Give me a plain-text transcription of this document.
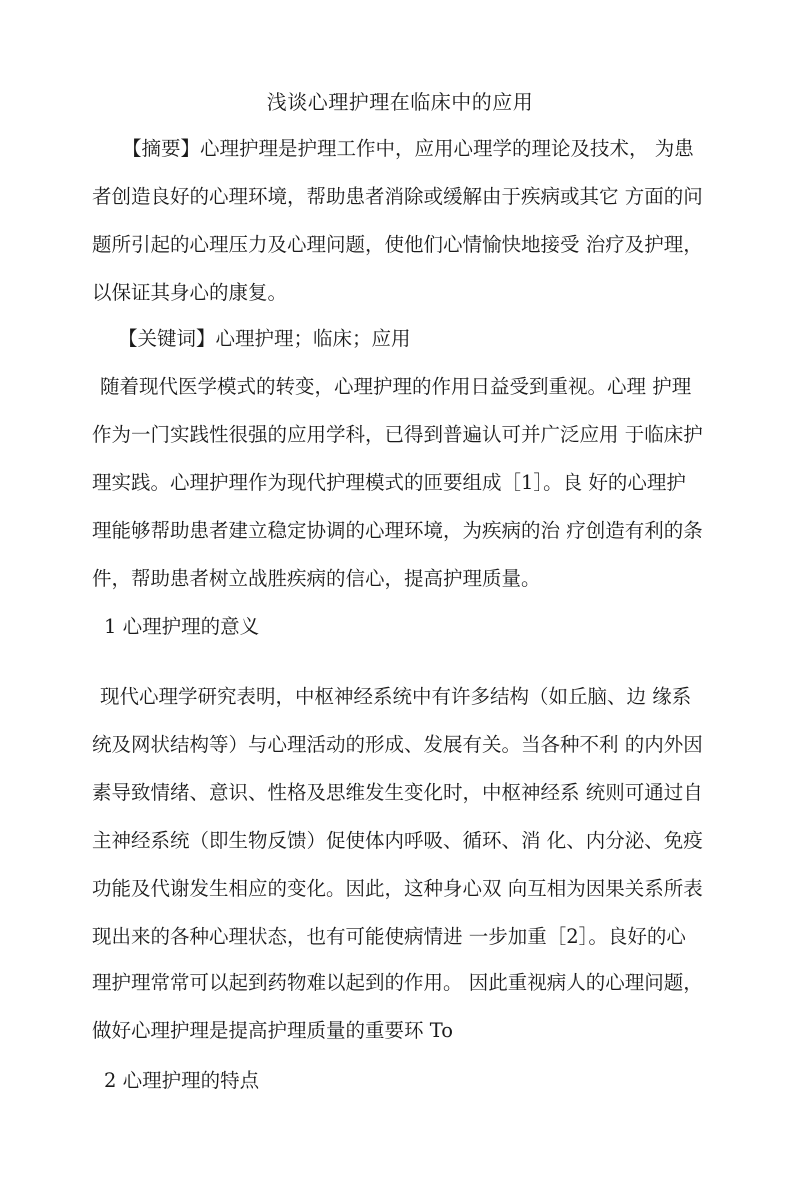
浅谈心理护理在临床中的应用
【摘要】心理护理是护理工作中，应用心理学的理论及技术， 为患
者创造良好的心理环境，帮助患者消除或缓解由于疾病或其它 方面的问
题所引起的心理压力及心理问题，使他们心情愉快地接受 治疗及护理，
以保证其身心的康复。
【关键词】心理护理；临床；应用
随着现代医学模式的转变，心理护理的作用日益受到重视。心理 护理
作为一门实践性很强的应用学科，已得到普遍认可并广泛应用 于临床护
理实践。心理护理作为现代护理模式的匝要组成［1］。良 好的心理护
理能够帮助患者建立稳定协调的心理环境，为疾病的治 疗创造有利的条
件，帮助患者树立战胜疾病的信心，提高护理质量。
1 心理护理的意义
现代心理学研究表明，中枢神经系统中有许多结构（如丘脑、边 缘系
统及网状结构等）与心理活动的形成、发展有关。当各种不利 的内外因
素导致情绪、意识、性格及思维发生变化时，中枢神经系 统则可通过自
主神经系统（即生物反馈）促使体内呼吸、循环、消 化、内分泌、免疫
功能及代谢发生相应的变化。因此，这种身心双 向互相为因果关系所表
现出来的各种心理状态，也有可能使病情进 一步加重［2］。良好的心
理护理常常可以起到药物难以起到的作用。 因此重视病人的心理问题，
做好心理护理是提高护理质量的重要环 To
2 心理护理的特点
